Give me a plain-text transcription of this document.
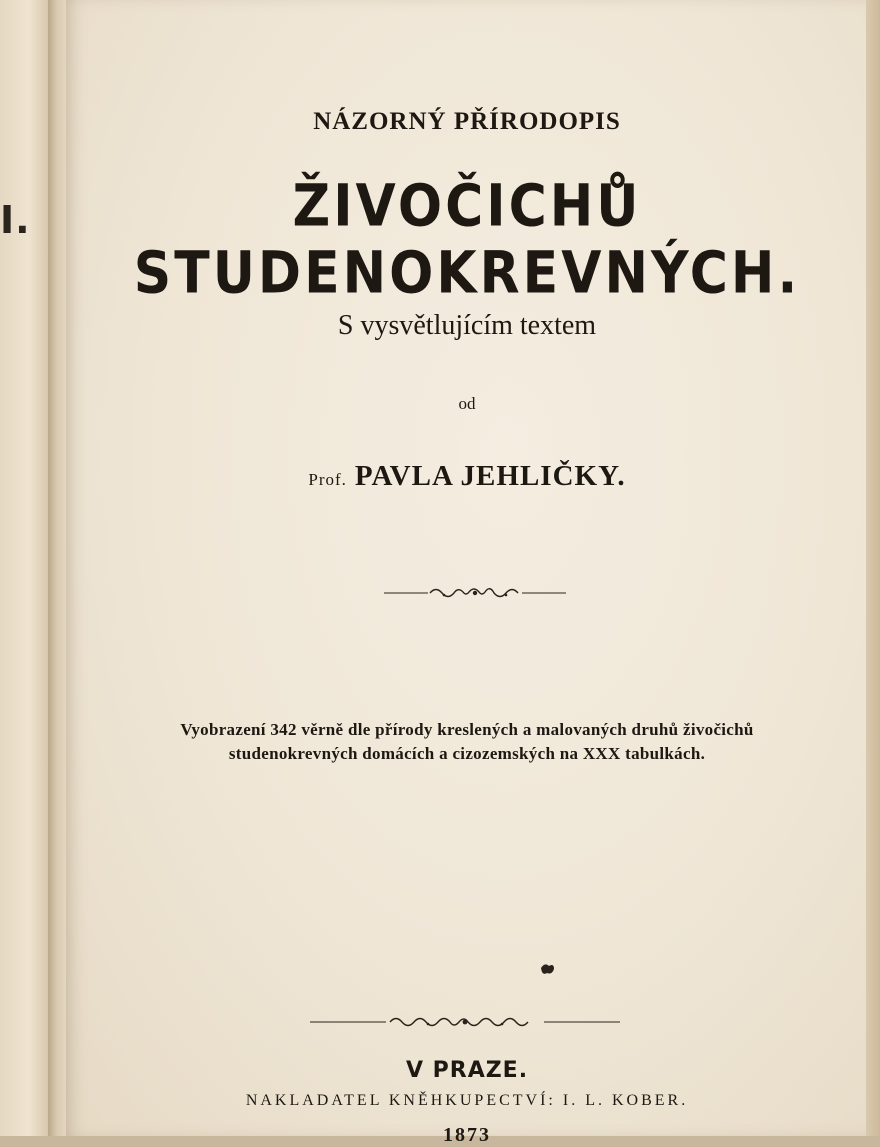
I.
NÁZORNÝ PŘÍRODOPIS
ŽIVOČICHŮ STUDENOKREVNÝCH.
S vysvětlujícím textem
od
Prof. PAVLA JEHLIČKY.
Vyobrazení 342 věrně dle přírody kreslených a malovaných druhů živočichů
studenokrevných domácích a cizozemských na XXX tabulkách.
V PRAZE.
NAKLADATEL KNĚHKUPECTVÍ: I. L. KOBER.
1873
